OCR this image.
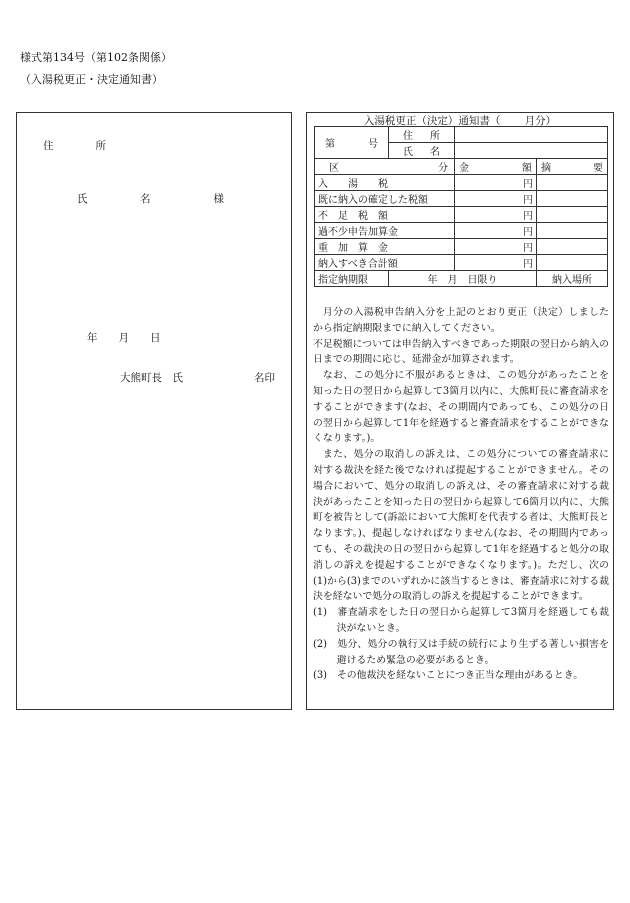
様式第134号（第102条関係）
（入湯税更正・決定通知書）
住　　　　所
氏　　　　　名　　　　　　様
年　　月　　日
大熊町長　氏	名印
入湯税更正（決定）通知書（　　 月分）
第　　　号	住　所		
	氏　名		
区　　　　　　分		金　　　　　額	摘　　　　要
入　　湯　　税		円	
既に納入の確定した税額		円	
不　足　税　額		円	
過不少申告加算金		円	
重　加　算　金		円	
納入すべき合計額		円	
指定納期限	年　月　日限り		納入場所

月分の入湯税申告納入分を上記のとおり更正（決定）しましたから指定納期限までに納入してください。

不足税額については申告納入すべきであった期限の翌日から納入の日までの期間に応じ、延滞金が加算されます。

なお、この処分に不服があるときは、この処分があったことを知った日の翌日から起算して3箇月以内に、大熊町長に審査請求をすることができます(なお、その期間内であっても、この処分の日の翌日から起算して1年を経過すると審査請求をすることができなくなります。)。

また、処分の取消しの訴えは、この処分についての審査請求に対する裁決を経た後でなければ提起することができません。その場合において、処分の取消しの訴えは、その審査請求に対する裁決があったことを知った日の翌日から起算して6箇月以内に、大熊町を被告として(訴訟において大熊町を代表する者は、大熊町長となります。)、提起しなければなりません(なお、その期間内であっても、その裁決の日の翌日から起算して1年を経過すると処分の取消しの訴えを提起することができなくなります。)。ただし、次の(1)から(3)までのいずれかに該当するときは、審査請求に対する裁決を経ないで処分の取消しの訴えを提起することができます。

(1)　審査請求をした日の翌日から起算して3箇月を経過しても裁決がないとき。

(2)　処分、処分の執行又は手続の続行により生ずる著しい損害を避けるため緊急の必要があるとき。

(3)　その他裁決を経ないことにつき正当な理由があるとき。
